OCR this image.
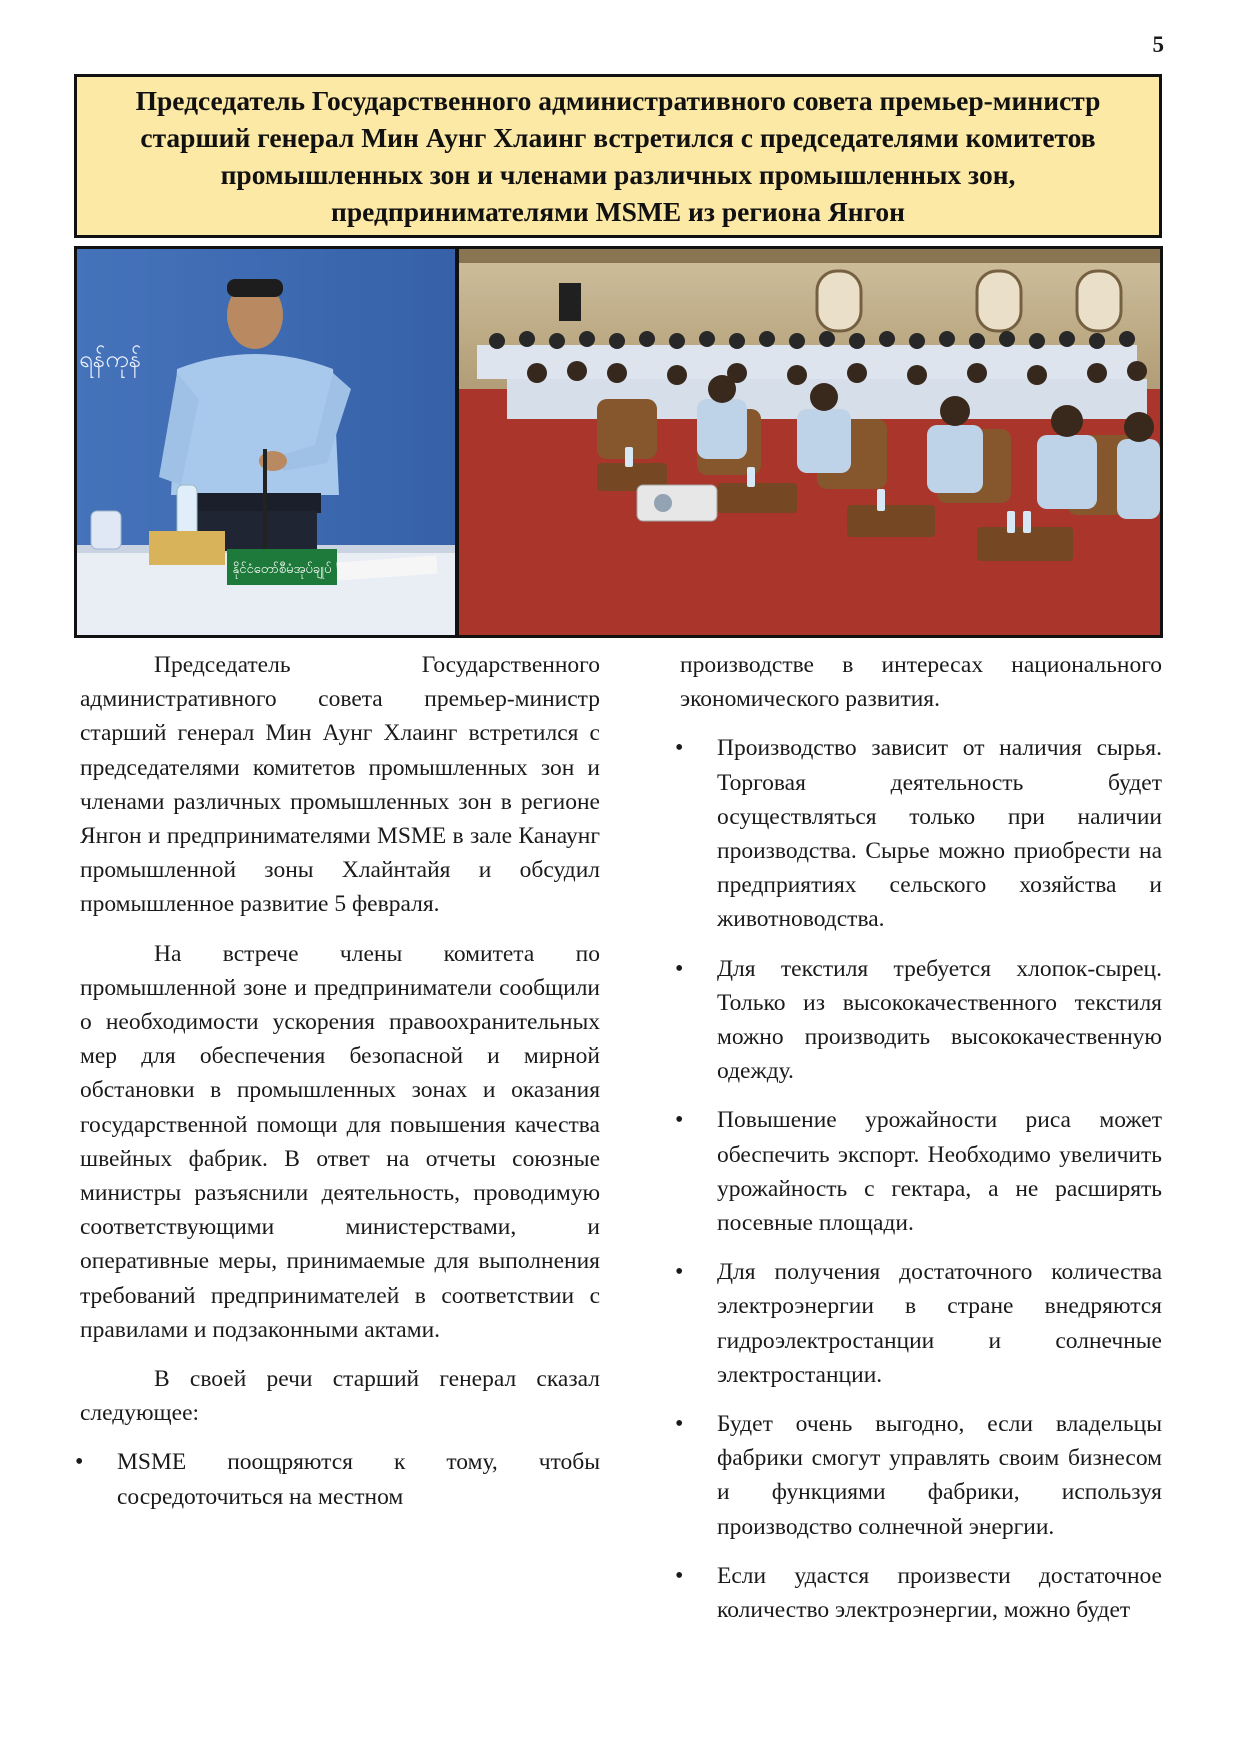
5
Председатель Государственного административного совета премьер-министр старший генерал Мин Аунг Хлаинг встретился с председателями комитетов промышленных зон и членами различных промышленных зон, предпринимателями MSME из региона Янгон
ရန်ကုန်
နိုင်ငံတော်စီမံအုပ်ချုပ်

Председатель Государственного административного совета премьер-министр старший генерал Мин Аунг Хлаинг встретился с председателями комитетов промышленных зон и членами различных промышленных зон в регионе Янгон и предпринимателями MSME в зале Канаунг промышленной зоны Хлайнтайя и обсудил промышленное развитие 5 февраля.

На встрече члены комитета по промышленной зоне и предприниматели сообщили о необходимости ускорения правоохранительных мер для обеспечения безопасной и мирной обстановки в промышленных зонах и оказания государственной помощи для повышения качества швейных фабрик. В ответ на отчеты союзные министры разъяснили деятельность, проводимую соответствующими министерствами, и оперативные меры, принимаемые для выполнения требований предпринимателей в соответствии с правилами и подзаконными актами.

В своей речи старший генерал сказал следующее:

• MSME поощряются к тому, чтобы сосредоточиться на местном

производстве в интересах национального экономического развития.

• Производство зависит от наличия сырья. Торговая деятельность будет осуществляться только при наличии производства. Сырье можно приобрести на предприятиях сельского хозяйства и животноводства.
• Для текстиля требуется хлопок-сырец. Только из высококачественного текстиля можно производить высококачественную одежду.
• Повышение урожайности риса может обеспечить экспорт. Необходимо увеличить урожайность с гектара, а не расширять посевные площади.
• Для получения достаточного количества электроэнергии в стране внедряются гидроэлектростанции и солнечные электростанции.
• Будет очень выгодно, если владельцы фабрики смогут управлять своим бизнесом и функциями фабрики, используя производство солнечной энергии.
• Если удастся произвести достаточное количество электроэнергии, можно будет
